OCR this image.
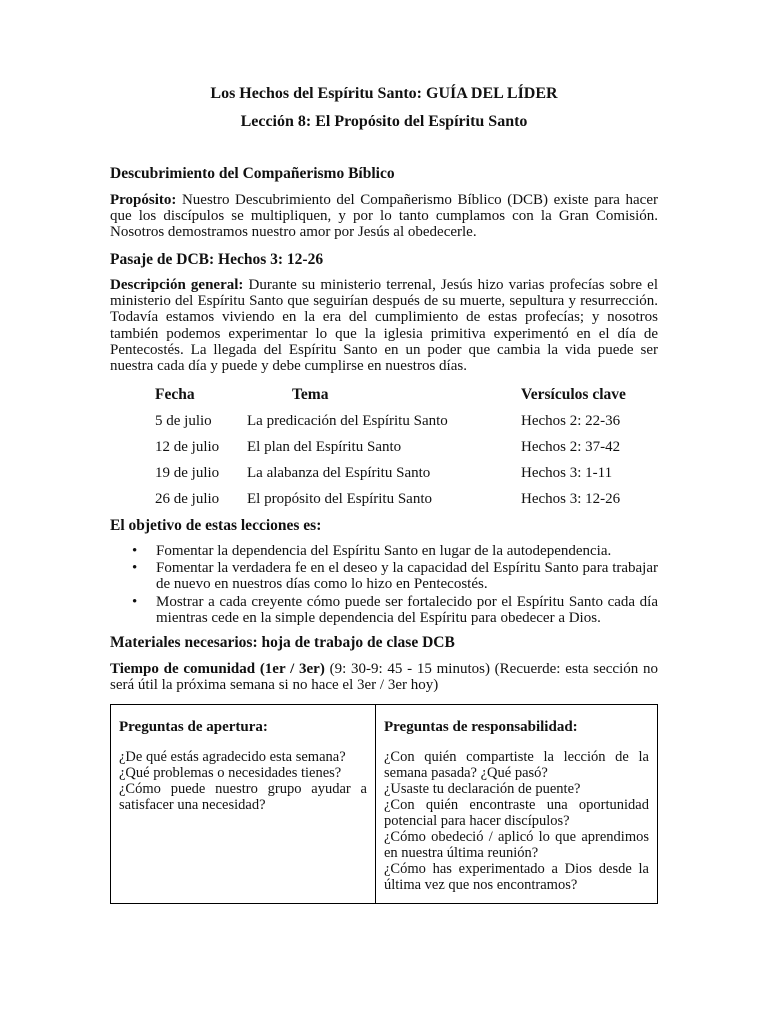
Los Hechos del Espíritu Santo: GUÍA DEL LÍDER
Lección 8: El Propósito del Espíritu Santo
Descubrimiento del Compañerismo Bíblico
Propósito: Nuestro Descubrimiento del Compañerismo Bíblico (DCB) existe para hacer que los discípulos se multipliquen, y por lo tanto cumplamos con la Gran Comisión. Nosotros demostramos nuestro amor por Jesús al obedecerle.
Pasaje de DCB: Hechos 3: 12-26
Descripción general: Durante su ministerio terrenal, Jesús hizo varias profecías sobre el ministerio del Espíritu Santo que seguirían después de su muerte, sepultura y resurrección. Todavía estamos viviendo en la era del cumplimiento de estas profecías; y nosotros también podemos experimentar lo que la iglesia primitiva experimentó en el día de Pentecostés. La llegada del Espíritu Santo en un poder que cambia la vida puede ser nuestra cada día y puede y debe cumplirse en nuestros días.
Fecha	Tema	Versículos clave
5 de julio La predicación del Espíritu Santo	Hechos 2: 22-36
12 de julio El plan del Espíritu Santo	Hechos 2: 37-42
19 de julio La alabanza del Espíritu Santo	Hechos 3: 1-11
26 de julio El propósito del Espíritu Santo	Hechos 3: 12-26
El objetivo de estas lecciones es:
• Fomentar la dependencia del Espíritu Santo en lugar de la autodependencia.
• Fomentar la verdadera fe en el deseo y la capacidad del Espíritu Santo para trabajar de nuevo en nuestros días como lo hizo en Pentecostés.
• Mostrar a cada creyente cómo puede ser fortalecido por el Espíritu Santo cada día mientras cede en la simple dependencia del Espíritu para obedecer a Dios.
Materiales necesarios: hoja de trabajo de clase DCB
Tiempo de comunidad (1er / 3er) (9: 30-9: 45 - 15 minutos) (Recuerde: esta sección no será útil la próxima semana si no hace el 3er / 3er hoy)
Preguntas de apertura:
¿De qué estás agradecido esta semana?
¿Qué problemas o necesidades tienes?
¿Cómo puede nuestro grupo ayudar a satisfacer una necesidad?
Preguntas de responsabilidad:
¿Con quién compartiste la lección de la semana pasada? ¿Qué pasó?
¿Usaste tu declaración de puente?
¿Con quién encontraste una oportunidad potencial para hacer discípulos?
¿Cómo obedeció / aplicó lo que aprendimos en nuestra última reunión?
¿Cómo has experimentado a Dios desde la última vez que nos encontramos?
